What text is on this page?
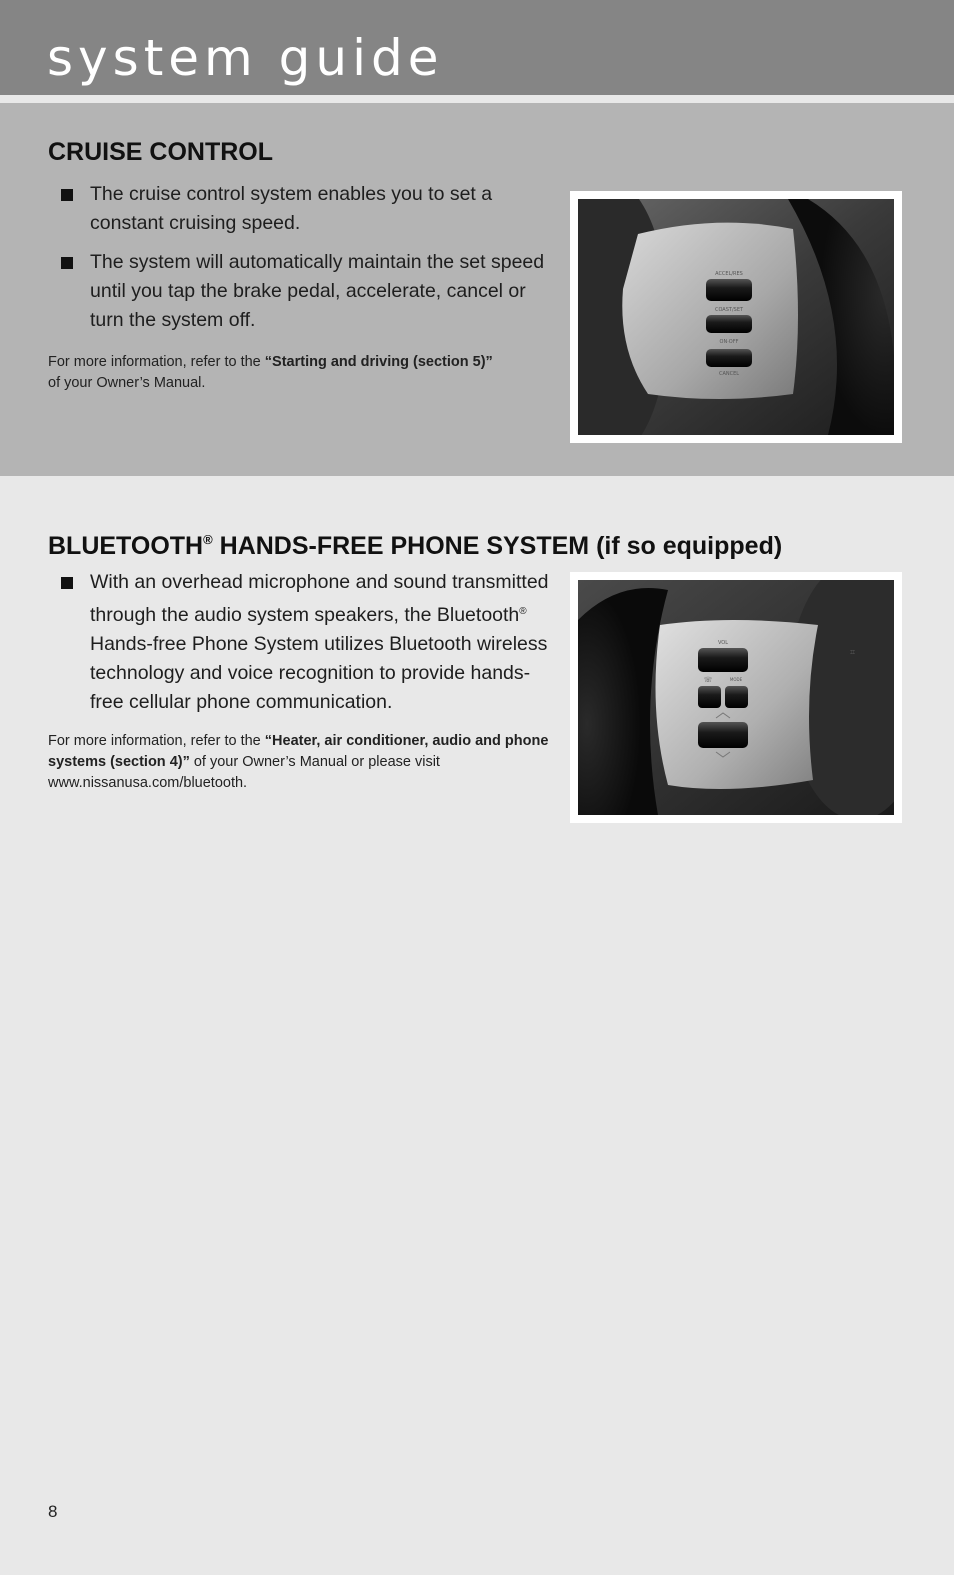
system guide
CRUISE CONTROL
The cruise control system enables you to set a constant cruising speed.
The system will automatically maintain the set speed until you tap the brake pedal, accelerate, cancel or turn the system off.

For more information, refer to the “Starting and driving (section 5)”
of your Owner’s Manual.

ACCEL/RES
COAST/SET
ON·OFF
CANCEL
BLUETOOTH® HANDS-FREE PHONE SYSTEM (if so equipped)
With an overhead microphone and sound transmitted through the audio system speakers, the Bluetooth® Hands-free Phone System utilizes Bluetooth wireless technology and voice recognition to provide hands-free cellular phone communication.

For more information, refer to the “Heater, air conditioner, audio and phone systems (section 4)” of your Owner’s Manual or please visit www.nissanusa.com/bluetooth.

VOL
MODE
☏
⌗
8
